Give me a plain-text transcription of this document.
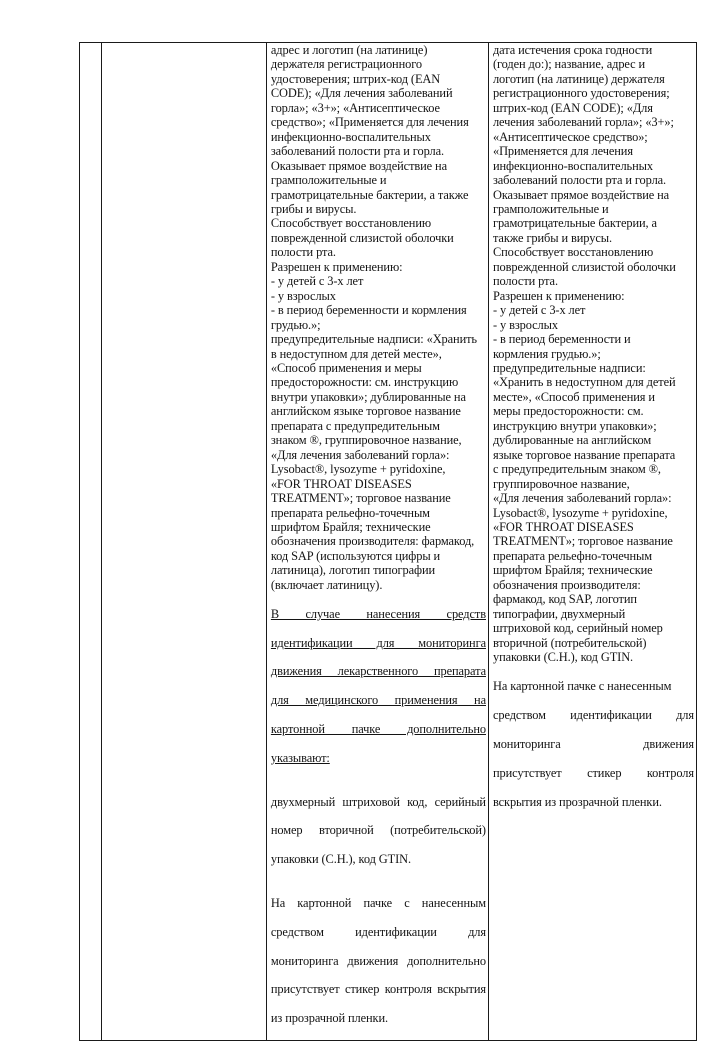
адрес и логотип (на латинице)
держателя регистрационного
удостоверения; штрих-код (EAN
CODE); «Для лечения заболеваний
горла»; «3+»; «Антисептическое
средство»; «Применяется для лечения
инфекционно-воспалительных
заболеваний полости рта и горла.
Оказывает прямое воздействие на
грамположительные и
грамотрицательные бактерии, а также
грибы и вирусы.
Способствует восстановлению
поврежденной слизистой оболочки
полости рта.
Разрешен к применению:
- у детей с 3-х лет
- у взрослых
- в период беременности и кормления
грудью.»;
предупредительные надписи: «Хранить
в недоступном для детей месте»,
«Способ применения и меры
предосторожности: см. инструкцию
внутри упаковки»; дублированные на
английском языке торговое название
препарата с предупредительным
знаком ®, группировочное название,
«Для лечения заболеваний горла»:
Lysobact®, lysozyme + pyridoxine,
«FOR THROAT DISEASES
TREATMENT»; торговое название
препарата рельефно-точечным
шрифтом Брайля; технические
обозначения производителя: фармакод,
код SAP (используются цифры и
латиница), логотип типографии
(включает латиницу).

В случае нанесения средств

идентификации для мониторинга

движения лекарственного препарата

для медицинского применения на

картонной пачке дополнительно

указывают:

двухмерный штриховой код, серийный

номер вторичной (потребительской)

упаковки (С.Н.), код GTIN.

На картонной пачке с нанесенным

средством идентификации для

мониторинга движения дополнительно

присутствует стикер контроля вскрытия

из прозрачной пленки.

дата истечения срока годности
(годен до:); название, адрес и
логотип (на латинице) держателя
регистрационного удостоверения;
штрих-код (EAN CODE); «Для
лечения заболеваний горла»; «3+»;
«Антисептическое средство»;
«Применяется для лечения
инфекционно-воспалительных
заболеваний полости рта и горла.
Оказывает прямое воздействие на
грамположительные и
грамотрицательные бактерии, а
также грибы и вирусы.
Способствует восстановлению
поврежденной слизистой оболочки
полости рта.
Разрешен к применению:
- у детей с 3-х лет
- у взрослых
- в период беременности и
кормления грудью.»;
предупредительные надписи:
«Хранить в недоступном для детей
месте», «Способ применения и
меры предосторожности: см.
инструкцию внутри упаковки»;
дублированные на английском
языке торговое название препарата
с предупредительным знаком ®,
группировочное название,
«Для лечения заболеваний горла»:
Lysobact®, lysozyme + pyridoxine,
«FOR THROAT DISEASES
TREATMENT»; торговое название
препарата рельефно-точечным
шрифтом Брайля; технические
обозначения производителя:
фармакод, код SAP, логотип
типографии, двухмерный
штриховой код, серийный номер
вторичной (потребительской)
упаковки (С.Н.), код GTIN.

На картонной пачке с нанесенным

средством идентификации для

мониторинга движения

присутствует стикер контроля

вскрытия из прозрачной пленки.
